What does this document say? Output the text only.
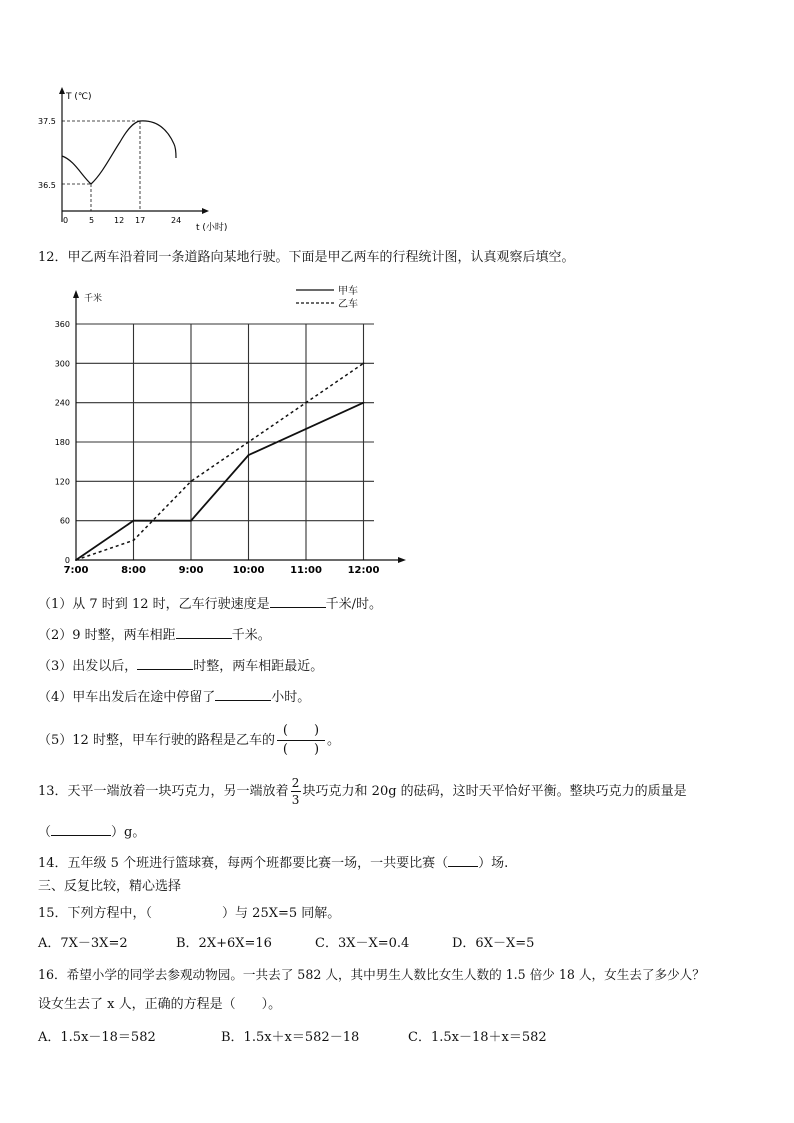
T (℃)
t (小时)
37.5
36.5
0	5 12 17	24
12．甲乙两车沿着同一条道路向某地行驶。下面是甲乙两车的行程统计图，认真观察后填空。
0
60
120
180
240
300
360
7:00	8:00	9:00	10:00	11:00	12:00
千米
甲车
乙车
（1）从 7 时到 12 时，乙车行驶速度是	千米/时。
（2）9 时整，两车相距	千米。
（3）出发以后，	时整，两车相距最近。
（4）甲车出发后在途中停留了	小时。
（5）12 时整，甲车行驶的路程是乙车的
(　　)
(　　)
。
13．天平一端放着一块巧克力，另一端放着 $\frac{2}{3}$ 块巧克力和 20g 的砝码，这时天平恰好平衡。整块巧克力的质量是
（	）g。
14．五年级 5 个班进行篮球赛，每两个班都要比赛一场，一共要比赛（ ）场.
三、反复比较，精心选择
15．下列方程中，（	）与 25X=5 同解。
A．7X－3X=2	B．2X+6X=16	C．3X－X=0.4	D．6X－X=5
16．希望小学的同学去参观动物园。一共去了 582 人，其中男生人数比女生人数的 1.5 倍少 18 人，女生去了多少人？
设女生去了 x 人，正确的方程是（　　）。
A．1.5x－18＝582	B．1.5x＋x＝582－18	C．1.5x－18＋x＝582
